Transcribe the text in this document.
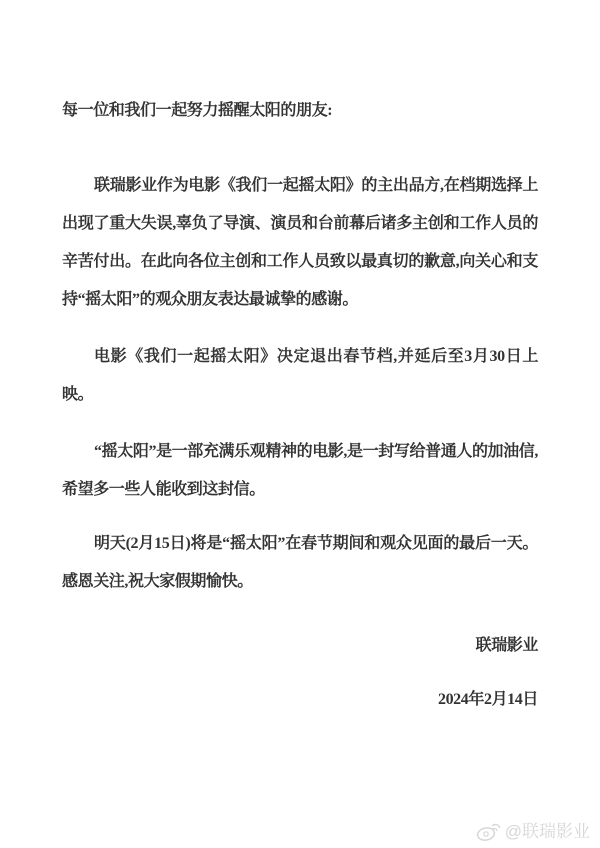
每一位和我们一起努力摇醒太阳的朋友:

联瑞影业作为电影《我们一起摇太阳》的主出品方,在档期选择上出现了重大失误,辜负了导演、演员和台前幕后诸多主创和工作人员的辛苦付出。在此向各位主创和工作人员致以最真切的歉意,向关心和支持“摇太阳”的观众朋友表达最诚挚的感谢。

电影《我们一起摇太阳》决定退出春节档,并延后至3月30日上映。

“摇太阳”是一部充满乐观精神的电影,是一封写给普通人的加油信,希望多一些人能收到这封信。

明天(2月15日)将是“摇太阳”在春节期间和观众见面的最后一天。感恩关注,祝大家假期愉快。

联瑞影业

2024年2月14日

@联瑞影业
